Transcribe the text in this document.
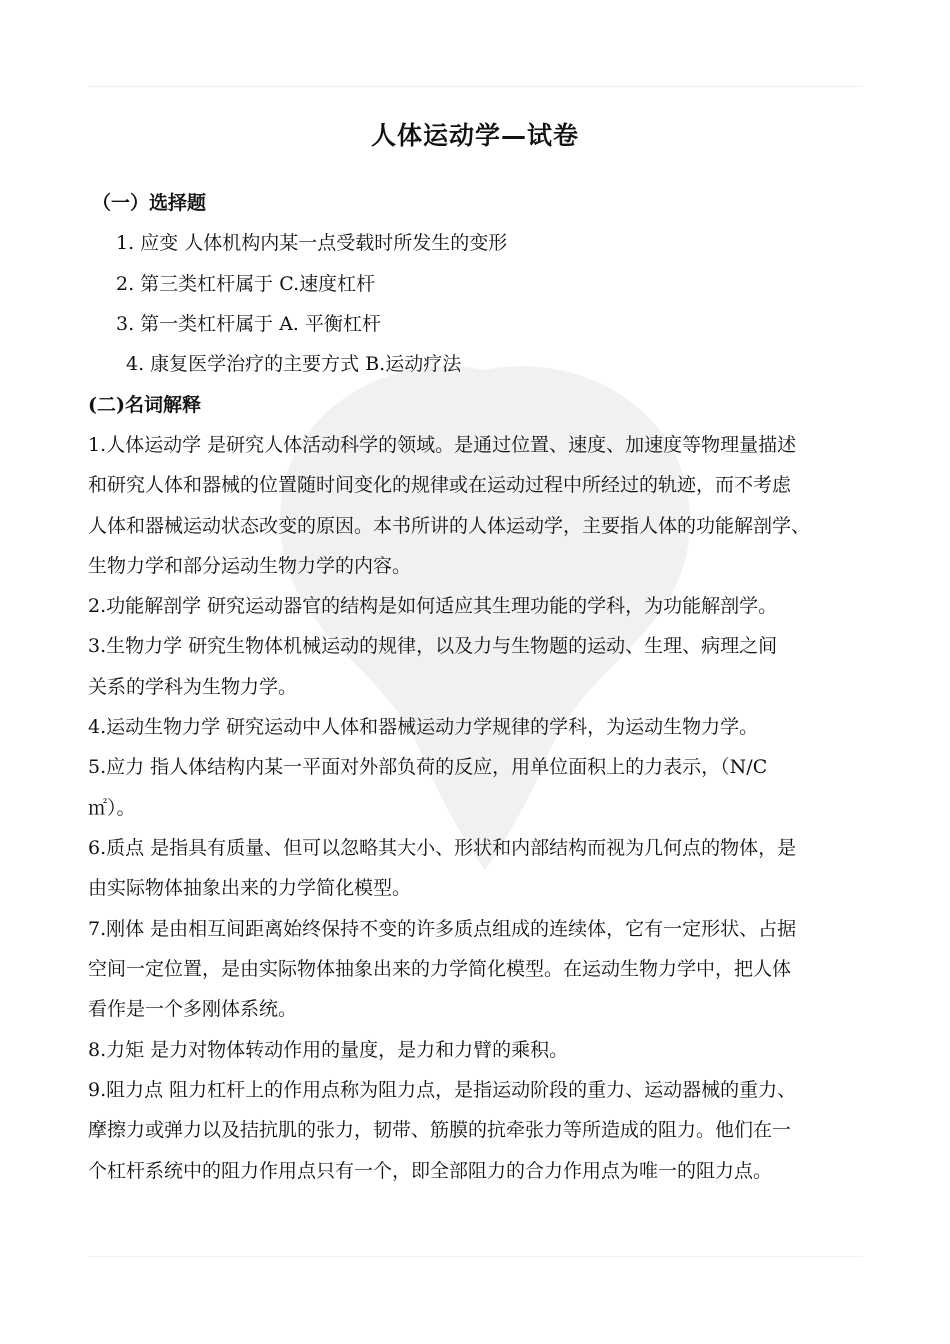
人体运动学—试卷
（一）选择题
1. 应变 人体机构内某一点受载时所发生的变形
2. 第三类杠杆属于 C.速度杠杆
3. 第一类杠杆属于 A. 平衡杠杆
4. 康复医学治疗的主要方式 B.运动疗法
(二)名词解释
1.人体运动学 是研究人体活动科学的领域。是通过位置、速度、加速度等物理量描述
和研究人体和器械的位置随时间变化的规律或在运动过程中所经过的轨迹，而不考虑
人体和器械运动状态改变的原因。本书所讲的人体运动学，主要指人体的功能解剖学、
生物力学和部分运动生物力学的内容。
2.功能解剖学 研究运动器官的结构是如何适应其生理功能的学科，为功能解剖学。
3.生物力学 研究生物体机械运动的规律，以及力与生物题的运动、生理、病理之间
关系的学科为生物力学。
4.运动生物力学 研究运动中人体和器械运动力学规律的学科，为运动生物力学。
5.应力 指人体结构内某一平面对外部负荷的反应，用单位面积上的力表示，（N/C
㎡）。
6.质点 是指具有质量、但可以忽略其大小、形状和内部结构而视为几何点的物体，是
由实际物体抽象出来的力学简化模型。
7.刚体 是由相互间距离始终保持不变的许多质点组成的连续体，它有一定形状、占据
空间一定位置，是由实际物体抽象出来的力学简化模型。在运动生物力学中，把人体
看作是一个多刚体系统。
8.力矩 是力对物体转动作用的量度，是力和力臂的乘积。
9.阻力点 阻力杠杆上的作用点称为阻力点，是指运动阶段的重力、运动器械的重力、
摩擦力或弹力以及拮抗肌的张力，韧带、筋膜的抗牵张力等所造成的阻力。他们在一
个杠杆系统中的阻力作用点只有一个，即全部阻力的合力作用点为唯一的阻力点。
